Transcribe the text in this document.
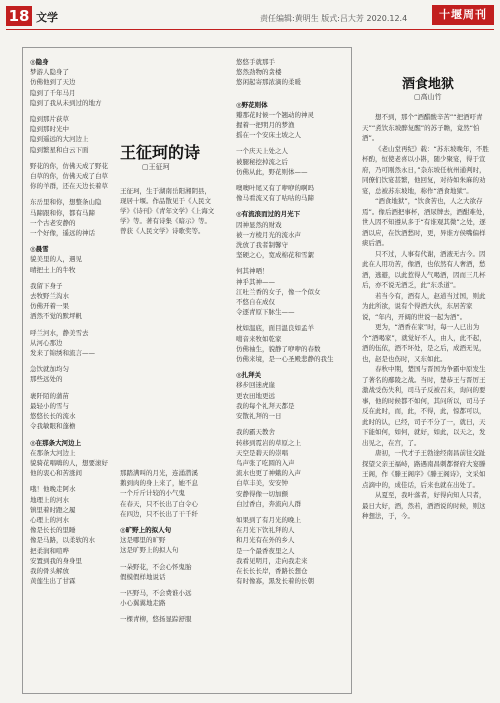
18 文学	责任编辑:黄明生 版式:吕大芳 2020.12.4	十堰周刊
◎隐身
梦游人隐身了
仿佛他到了天边
隐到了千年马月
隐到了我从未到过的地方
隐到那片荻草
隐到那时光中
隐到遥远的大河边上
隐到繁星和白云下面
野花的你，仿佛天成了野花
白草的你，仿佛天成了白草
你的羊群，还在天边长着草
东岳里和你，想整条山隐
马蹄跟和你，都有马蹄
一个古老安静的
一个好像，遥远的神话
◎晨雪
貌美里的人，遇见
晴把土上的牛牧
我留下身子
去牧野兰沟水
仿佛开着一果
洒然不觉的默坪帆
呼兰河水，静美雪去
从河心那边
发来了锦绣和流言——
急饮就加均匀
那些远处的
裹阡陌的蒲苗
最轻小的雪与
悠悠长长的流水
令我敏眼和蓬檐
◎在那条大河边上
在那条大河边上
貌骑花唱嗨的人，想要滚好
他的衷心和苦涨间
哦！他晚走阿水
地理上的河水
镇里着时蹬之履
心理上的河水
像是长长的里睡
像是马路，以柔软的水
把柔润和喧哗
安置到我的身身里
我的骨头解放
黄莲生出了甘霖
悠悠手就那手
悠然劲物的贪楼
悠闲起寄那浓滴的柔暖
◎野花则体
瓣那花时候一个翘动的神灵
握着一把明月的梦渔
摇在一个安床土坡之人
一个庆天上处之人
被腿秘挖掉流之后
仿佛从此，野花则体——
噢噢叶尾又有了咿咿的啊吗
像马看流又有了咕咕的马蹄
◎有流浪而过的月光下
因神显然的财戏
被一方棱月光的流水声
洗放了我者制馨守
坚硬之心，宽成棉花和雪絮
何其神哂！
神乎其神——
江吐兰香的女子，像一个似女
不悠自在成仅
令逐青原下脉生——
枕如温底，面目温良如孟羊
噶音来牧如乾家
仿佛袖生，貌静了咿咿的春数
仿佛来境，是一心圣殿悲静的我生
◎扎拜关
移步回迷虎崖
更农田地更远
我的每个礼拜天都是
安散礼拜的一日
我的霸天教舍
转移到霓岩的草原之上
天空是碧天的崇唱
鸟声张了吃圆的入声
流水也更了神蛾的入声
白草丰美，安安钟
安静得像一切加颤
白过香白，奔流向人群
如果到了有月光的晚上
在月光下饮礼拜的人
和月光有在外的乡人
是一个最香夜里之人
我看见明月，走向我走来
在长长长岸，香路长想仓
有时像寡，黑发长着的长朝
那踏满叫的月光，连涌潜溪
鹅到肉的身上来了，她不息
一个斤斤计较的小气鬼
在春天，只不长出了白令心
在四边，只不长出了干千纤
◎旷野上的拟人句
这是哪里的旷野
这是旷野上的拟人句
一朵野花，不会心怀鬼胎
假模假样地说话
一匹野马，不会费谁小远
小心翼翼地走路
一棵青柳，悠扬显踪舒服
王征珂的诗
▢王征珂
王征珂，生于湖南岳阳湘阴县，现居十堰。作品散见于《人民文学》《诗刊》《青年文学》《上海文学》等。著有诗集《暗示》等。曾获《人民文学》诗歌奖等。
酒食地狱
▢高山竹

想不到，那个“酒醋酸辛苦”“把酒吁青天”“煮饮东坡醉复醒”的苏子瞻，竟然“怕酒”。

《老山堂再纪》载：“苏东坡晚年，不胜杯酌，恒使老喜以小斟，随少聚宴，得于宣府，乃可刚然永日，”杂东坡任杭州通判时，同僚们饮宴甚繁，他回复，对待如朱麻的劝宴，总被苏东坡地，称作“酒食地狱”。

“酒食地狱”，“饮食苦也，人之大欲存焉”。像后酒把事杯，酒尿牌去，酒酣难处，世人因不知遵从多于“有谁观其微”之处，逐酒以应，在饮酒愁时，更，异谁方侯嘴偏样痰后酒。

只不过，人事有代谢，酒液无古今。因此在人用功苦，像酒，也依然有人奢酒，愁酒，逃避，以此惹得人气喝酒，因而三几杯后，亦不说无酒乏，此“东杀道”。

若当今有，酒有人，赵道当过国，则此为此所欲，说有个得酒大伙，东居苦家说，“年内，开阔的世说一起为酒”。

更为，“酒香在家”时，每一人已出为个“酒喝家”，就觉好不人，由人，此不起，酒的伍依，酒不坏处，是之后，成酒无见，也，赵是也伤时，又东如此。

春秋中期，楚国与晋国为争霸中原发生了著名的鄢陵之战。当时，楚恭王与晋厉王激战受伤失利，司马子反被召来，询问的要事，他的时候都不如何，其问所以，司马子反在此时，而，此，不得，此，惊都可以，此时的认，已经，司子不分了一，就曰，天下能如何，如何，就好，如此，以天之，发出见之，在宫，了。

唐初，一代才子王勃途经南昌前往交趾探望父亲王福峙，路遇南昌刺都督府大宴滕王阁，作《滕王阁序》《滕王阁诗》，文采如点滴中的，成佳话，后来也就在出处了。

从夏至，我叶落者，好得向知人只者，最日大好，酒，然若，酒酒说的时候，则这种想法，于，今。
